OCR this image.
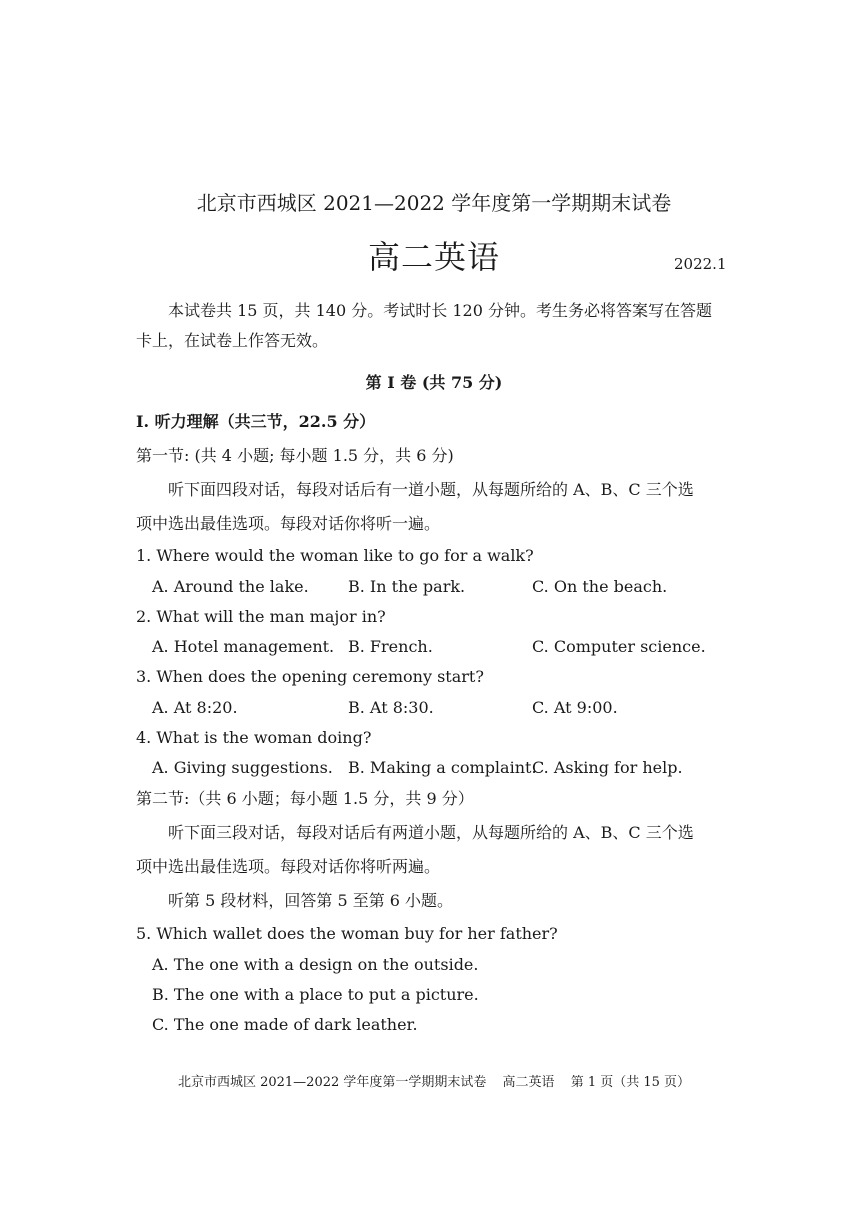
北京市西城区 2021—2022 学年度第一学期期末试卷
高二英语	2022.1
本试卷共 15 页，共 140 分。考试时长 120 分钟。考生务必将答案写在答题
卡上，在试卷上作答无效。
第 I 卷 (共 75 分)
I. 听力理解（共三节，22.5 分）
第一节: (共 4 小题; 每小题 1.5 分，共 6 分)
听下面四段对话，每段对话后有一道小题，从每题所给的 A、B、C 三个选
项中选出最佳选项。每段对话你将听一遍。
1. Where would the woman like to go for a walk?
A. Around the lake. B. In the park.	C. On the beach.
2. What will the man major in?
A. Hotel management. B. French.	C. Computer science.
3. When does the opening ceremony start?
A. At 8:20.	B. At 8:30.	C. At 9:00.
4. What is the woman doing?
A. Giving suggestions. B. Making a complaint.
C. Asking for help.
第二节:（共 6 小题；每小题 1.5 分，共 9 分）
听下面三段对话，每段对话后有两道小题，从每题所给的 A、B、C 三个选
项中选出最佳选项。每段对话你将听两遍。
听第 5 段材料，回答第 5 至第 6 小题。
5. Which wallet does the woman buy for her father?
A. The one with a design on the outside.
B. The one with a place to put a picture.
C. The one made of dark leather.
北京市西城区 2021—2022 学年度第一学期期末试卷 高二英语 第 1 页（共 15 页）
